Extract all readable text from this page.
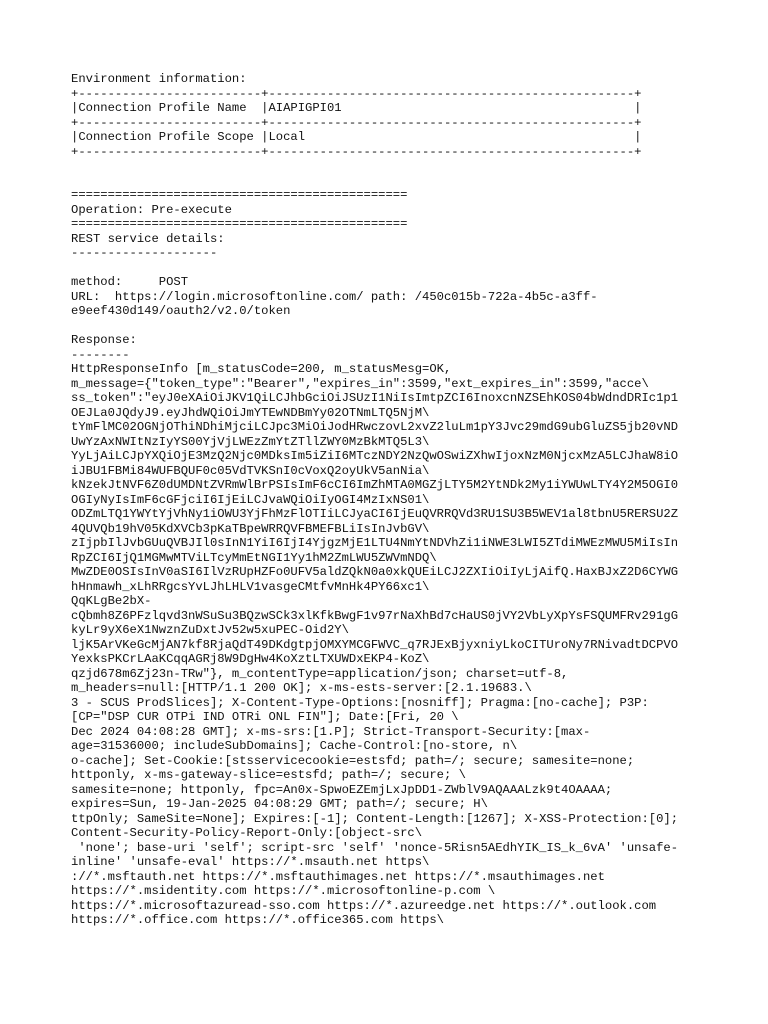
Environment information:
+-------------------------+--------------------------------------------------+
|Connection Profile Name  |AIAPIGPI01                                        |
+-------------------------+--------------------------------------------------+
|Connection Profile Scope |Local                                             |
+-------------------------+--------------------------------------------------+
==============================================
Operation: Pre-execute
==============================================
REST service details:
--------------------
method:     POST
URL:  https://login.microsoftonline.com/ path: /450c015b-722a-4b5c-a3ff-
e9eef430d149/oauth2/v2.0/token
Response:
--------
HttpResponseInfo [m_statusCode=200, m_statusMesg=OK,
m_message={"token_type":"Bearer","expires_in":3599,"ext_expires_in":3599,"acce\
ss_token":"eyJ0eXAiOiJKV1QiLCJhbGciOiJSUzI1NiIsImtpZCI6InoxcnNZSEhKOS04bWdndDRIc1p1
OEJLa0JQdyJ9.eyJhdWQiOiJmYTEwNDBmYy02OTNmLTQ5NjM\
tYmFlMC02OGNjOThiNDhiMjciLCJpc3MiOiJodHRwczovL2xvZ2luLm1pY3Jvc29mdG9ubGluZS5jb20vND
UwYzAxNWItNzIyYS00YjVjLWEzZmYtZTllZWY0MzBkMTQ5L3\
YyLjAiLCJpYXQiOjE3MzQ2Njc0MDksIm5iZiI6MTczNDY2NzQwOSwiZXhwIjoxNzM0NjcxMzA5LCJhaW8iO
iJBU1FBMi84WUFBQUF0c05VdTVKSnI0cVoxQ2oyUkV5anNia\
kNzekJtNVF6Z0dUMDNtZVRmWlBrPSIsImF6cCI6ImZhMTA0MGZjLTY5M2YtNDk2My1iYWUwLTY4Y2M5OGI0
OGIyNyIsImF6cGFjciI6IjEiLCJvaWQiOiIyOGI4MzIxNS01\
ODZmLTQ1YWYtYjVhNy1iOWU3YjFhMzFlOTIiLCJyaCI6IjEuQVRRQVd3RU1SU3B5WEV1al8tbnU5RERSU2Z
4QUVQb19hV05KdXVCb3pKaTBpeWRRQVFBMEFBLiIsInJvbGV\
zIjpbIlJvbGUuQVBJIl0sInN1YiI6IjI4YjgzMjE1LTU4NmYtNDVhZi1iNWE3LWI5ZTdiMWEzMWU5MiIsIn
RpZCI6IjQ1MGMwMTViLTcyMmEtNGI1Yy1hM2ZmLWU5ZWVmNDQ\
MwZDE0OSIsInV0aSI6IlVzRUpHZFo0UFV5aldZQkN0a0xkQUEiLCJ2ZXIiOiIyLjAifQ.HaxBJxZ2D6CYWG
hHnmawh_xLhRRgcsYvLJhLHLV1vasgeCMtfvMnHk4PY66xc1\
QqKLgBe2bX-
cQbmh8Z6PFzlqvd3nWSuSu3BQzwSCk3xlKfkBwgF1v97rNaXhBd7cHaUS0jVY2VbLyXpYsFSQUMFRv291gG
kyLr9yX6eX1NwznZuDxtJv52w5xuPEC-Oid2Y\
ljK5ArVKeGcMjAN7kf8RjaQdT49DKdgtpjOMXYMCGFWVC_q7RJExBjyxniyLkoCITUroNy7RNivadtDCPVO
YexksPKCrLAaKCqqAGRj8W9DgHw4KoXztLTXUWDxEKP4-KoZ\
qzjd678m6Zj23n-TRw"}, m_contentType=application/json; charset=utf-8,
m_headers=null:[HTTP/1.1 200 OK]; x-ms-ests-server:[2.1.19683.\
3 - SCUS ProdSlices]; X-Content-Type-Options:[nosniff]; Pragma:[no-cache]; P3P:
[CP="DSP CUR OTPi IND OTRi ONL FIN"]; Date:[Fri, 20 \
Dec 2024 04:08:28 GMT]; x-ms-srs:[1.P]; Strict-Transport-Security:[max-
age=31536000; includeSubDomains]; Cache-Control:[no-store, n\
o-cache]; Set-Cookie:[stsservicecookie=estsfd; path=/; secure; samesite=none;
httponly, x-ms-gateway-slice=estsfd; path=/; secure; \
samesite=none; httponly, fpc=An0x-SpwoEZEmjLxJpDD1-ZWblV9AQAAALzk9t4OAAAA;
expires=Sun, 19-Jan-2025 04:08:29 GMT; path=/; secure; H\
ttpOnly; SameSite=None]; Expires:[-1]; Content-Length:[1267]; X-XSS-Protection:[0];
Content-Security-Policy-Report-Only:[object-src\
'none'; base-uri 'self'; script-src 'self' 'nonce-5Risn5AEdhYIK_IS_k_6vA' 'unsafe-
inline' 'unsafe-eval' https://*.msauth.net https\
://*.msftauth.net https://*.msftauthimages.net https://*.msauthimages.net
https://*.msidentity.com https://*.microsoftonline-p.com \
https://*.microsoftazuread-sso.com https://*.azureedge.net https://*.outlook.com
https://*.office.com https://*.office365.com https\
